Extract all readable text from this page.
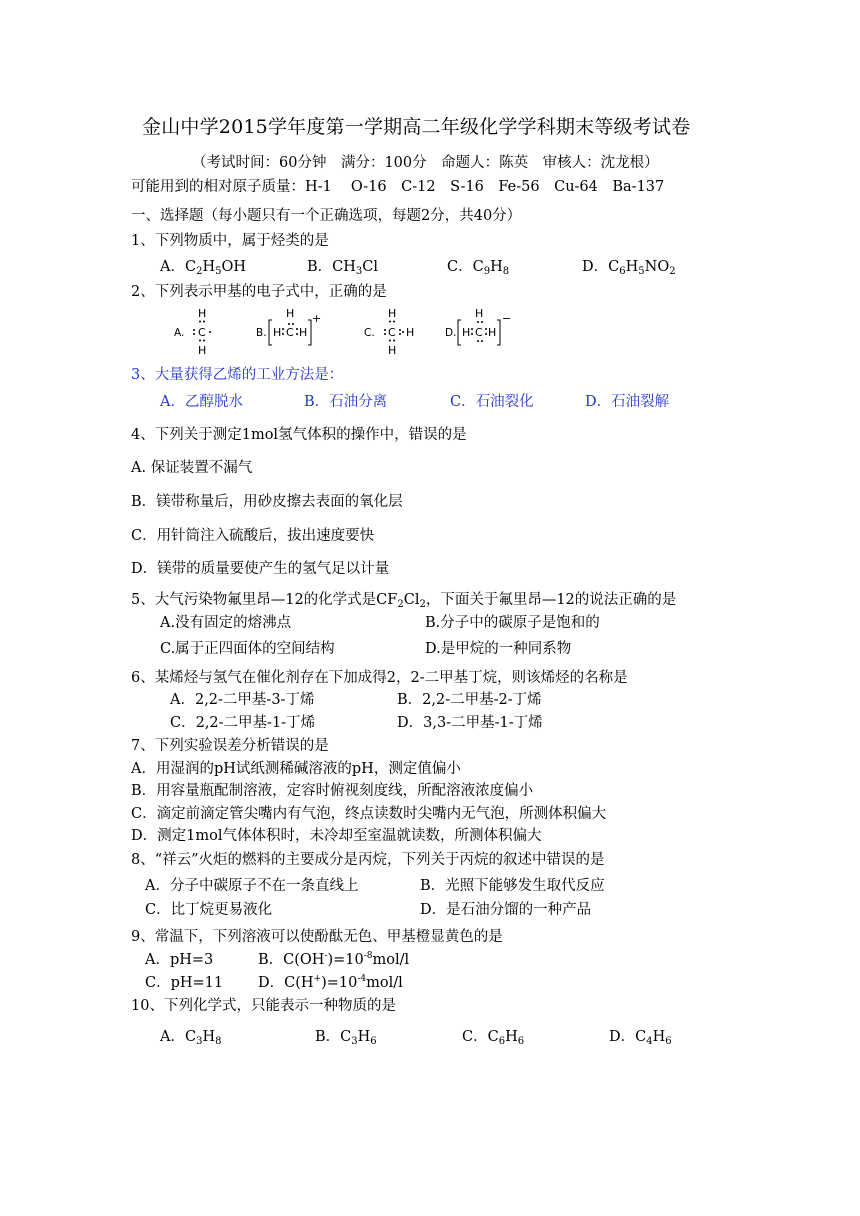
金山中学2015学年度第一学期高二年级化学学科期末等级考试卷
（考试时间：60分钟　满分：100分　命题人：陈英　审核人：沈龙根）
可能用到的相对原子质量：H-1　 O-16　C-12　S-16　Fe-56　Cu-64　Ba-137
一、选择题（每小题只有一个正确选项，每题2分，共40分）
1、下列物质中，属于烃类的是
A．$C_2H_5OH$	B．$CH_3Cl$	C．$C_9H_8$	D．$C_6H_5NO_2$
2、下列表示甲基的电子式中，正确的是
A.
H
C
H
B. H C
H
H
+
C.
H
C H
H
D. H
H
C H
−
3、大量获得乙烯的工业方法是：
A．乙醇脱水	B．石油分离	C．石油裂化	D．石油裂解
4、下列关于测定1mol氢气体积的操作中，错误的是
A. 保证装置不漏气
B．镁带称量后，用砂皮擦去表面的氧化层
C．用针筒注入硫酸后，拔出速度要快
D．镁带的质量要使产生的氢气足以计量
5、大气污染物氟里昂—12的化学式是$CF_2Cl_2$，下面关于氟里昂—12的说法正确的是
A.没有固定的熔沸点	B.分子中的碳原子是饱和的
C.属于正四面体的空间结构	D.是甲烷的一种同系物
6、某烯烃与氢气在催化剂存在下加成得2，2-二甲基丁烷，则该烯烃的名称是
A．2,2-二甲基-3-丁烯	B．2,2-二甲基-2-丁烯
C．2,2-二甲基-1-丁烯	D．3,3-二甲基-1-丁烯
7、下列实验误差分析错误的是
A．用湿润的pH试纸测稀碱溶液的pH，测定值偏小
B．用容量瓶配制溶液，定容时俯视刻度线，所配溶液浓度偏小
C．滴定前滴定管尖嘴内有气泡，终点读数时尖嘴内无气泡，所测体积偏大
D．测定1mol气体体积时，未冷却至室温就读数，所测体积偏大
8、“祥云”火炬的燃料的主要成分是丙烷，下列关于丙烷的叙述中错误的是
A．分子中碳原子不在一条直线上	B．光照下能够发生取代反应
C．比丁烷更易液化	D．是石油分馏的一种产品
9、常温下，下列溶液可以使酚酞无色、甲基橙显黄色的是
A．pH=3	B．$C(OH^-)=10^{-8}mol/l$
C．pH=11 D．$C(H^+)=10^{-4}mol/l$
10、下列化学式，只能表示一种物质的是
A．$C_3H_8$	B．$C_3H_6$	C．$C_6H_6$	D．$C_4H_6$
